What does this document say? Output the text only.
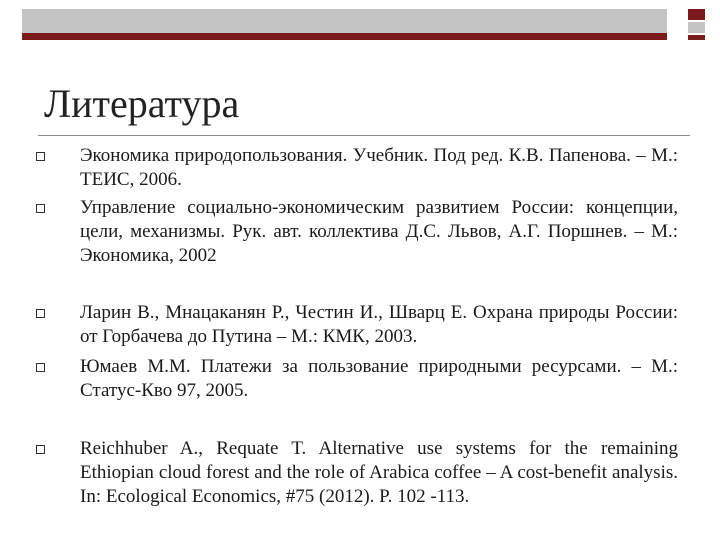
Литература

Экономика природопользования. Учебник. Под ред. К.В. Папенова. – М.: ТЕИС, 2006.

Управление социально-экономическим развитием России: концепции, цели, механизмы. Рук. авт. коллектива Д.С. Львов, А.Г. Поршнев. – М.: Экономика, 2002

Ларин В., Мнацаканян Р., Честин И., Шварц Е. Охрана природы России: от Горбачева до Путина – М.: КМК, 2003.

Юмаев М.М. Платежи за пользование природными ресурсами. – М.: Статус-Кво 97, 2005.

Reichhuber A., Requate T. Alternative use systems for the remaining Ethiopian cloud forest and the role of Arabica coffee – A cost-benefit analysis. In: Ecological Economics, #75 (2012). P. 102 -113.
